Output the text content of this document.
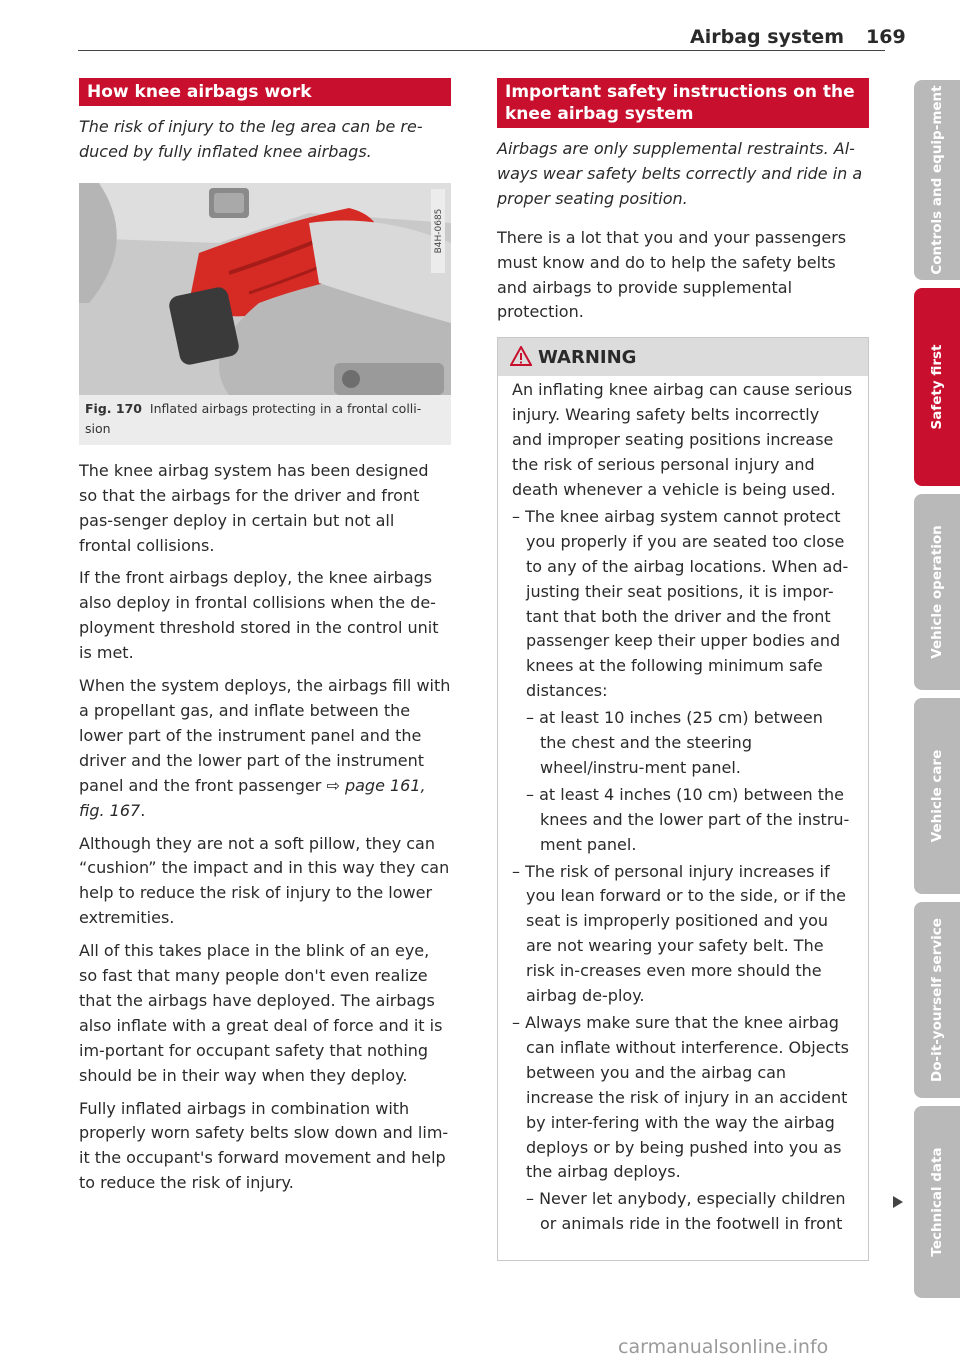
Airbag system 169
How knee airbags work
The risk of injury to the leg area can be re-duced by fully inflated knee airbags.
B4H-0685
Fig. 170 Inflated airbags protecting in a frontal colli-sion

The knee airbag system has been designed so that the airbags for the driver and front pas-senger deploy in certain but not all frontal collisions.

If the front airbags deploy, the knee airbags also deploy in frontal collisions when the de-ployment threshold stored in the control unit is met.

When the system deploys, the airbags fill with a propellant gas, and inflate between the lower part of the instrument panel and the driver and the lower part of the instrument panel and the front passenger ⇨ page 161, fig. 167.

Although they are not a soft pillow, they can “cushion” the impact and in this way they can help to reduce the risk of injury to the lower extremities.

All of this takes place in the blink of an eye, so fast that many people don't even realize that the airbags have deployed. The airbags also inflate with a great deal of force and it is im-portant for occupant safety that nothing should be in their way when they deploy.

Fully inflated airbags in combination with properly worn safety belts slow down and lim-it the occupant's forward movement and help to reduce the risk of injury.

Important safety instructions on the knee airbag system
Airbags are only supplemental restraints. Al-ways wear safety belts correctly and ride in a proper seating position.

There is a lot that you and your passengers must know and do to help the safety belts and airbags to provide supplemental protection.

WARNING

An inflating knee airbag can cause serious injury. Wearing safety belts incorrectly and improper seating positions increase the risk of serious personal injury and death whenever a vehicle is being used.

– The knee airbag system cannot protect you properly if you are seated too close to any of the airbag locations. When ad-justing their seat positions, it is impor-tant that both the driver and the front passenger keep their upper bodies and knees at the following minimum safe distances:

– at least 10 inches (25 cm) between the chest and the steering wheel/instru-ment panel.

– at least 4 inches (10 cm) between the knees and the lower part of the instru-ment panel.

– The risk of personal injury increases if you lean forward or to the side, or if the seat is improperly positioned and you are not wearing your safety belt. The risk in-creases even more should the airbag de-ploy.

– Always make sure that the knee airbag can inflate without interference. Objects between you and the airbag can increase the risk of injury in an accident by inter-fering with the way the airbag deploys or by being pushed into you as the airbag deploys.

– Never let anybody, especially children or animals ride in the footwell in front

Controls and equip-ment
Safety first
Vehicle operation
Vehicle care
Do-it-yourself service
Technical data
carmanualsonline.info
